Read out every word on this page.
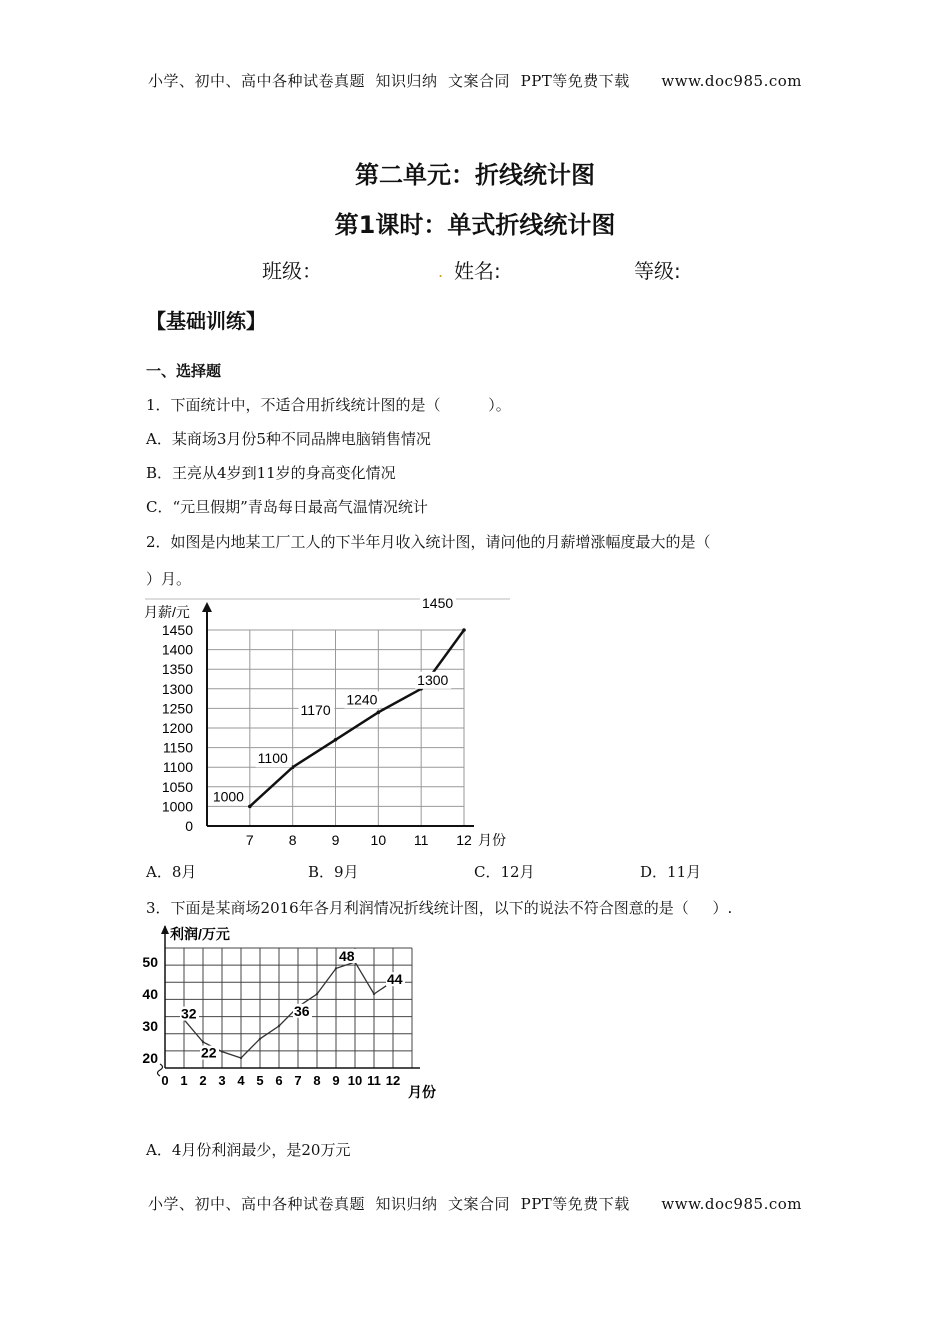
小学、初中、高中各种试卷真题  知识归纳  文案合同  PPT等免费下载      www.doc985.com
第二单元：折线统计图
第1课时：单式折线统计图
班级：	. 姓名:	等级:
【基础训练】
一、选择题
1．下面统计中，不适合用折线统计图的是（          ）。
A．某商场3月份5种不同品牌电脑销售情况
B．王亮从4岁到11岁的身高变化情况
C．“元旦假期”青岛每日最高气温情况统计
2．如图是内地某工厂工人的下半年月收入统计图，请问他的月薪增涨幅度最大的是（
）月。
月薪/元
月份
0
1000
1050
1100
1150
1200
1250
1300
1350
1400
1450
7	8	9 10 11 12
1000
1100
1170
1240
1300
1450
A．8月	B．9月	C．12月	D．11月
3．下面是某商场2016年各月利润情况折线统计图，以下的说法不符合图意的是（     ）.
利润/万元
月份
20
30
40
50
0 1 2 3 4 5 6 7 8 9 10 11 12
32
22
36
48
44
A．4月份利润最少，是20万元
小学、初中、高中各种试卷真题  知识归纳  文案合同  PPT等免费下载      www.doc985.com
